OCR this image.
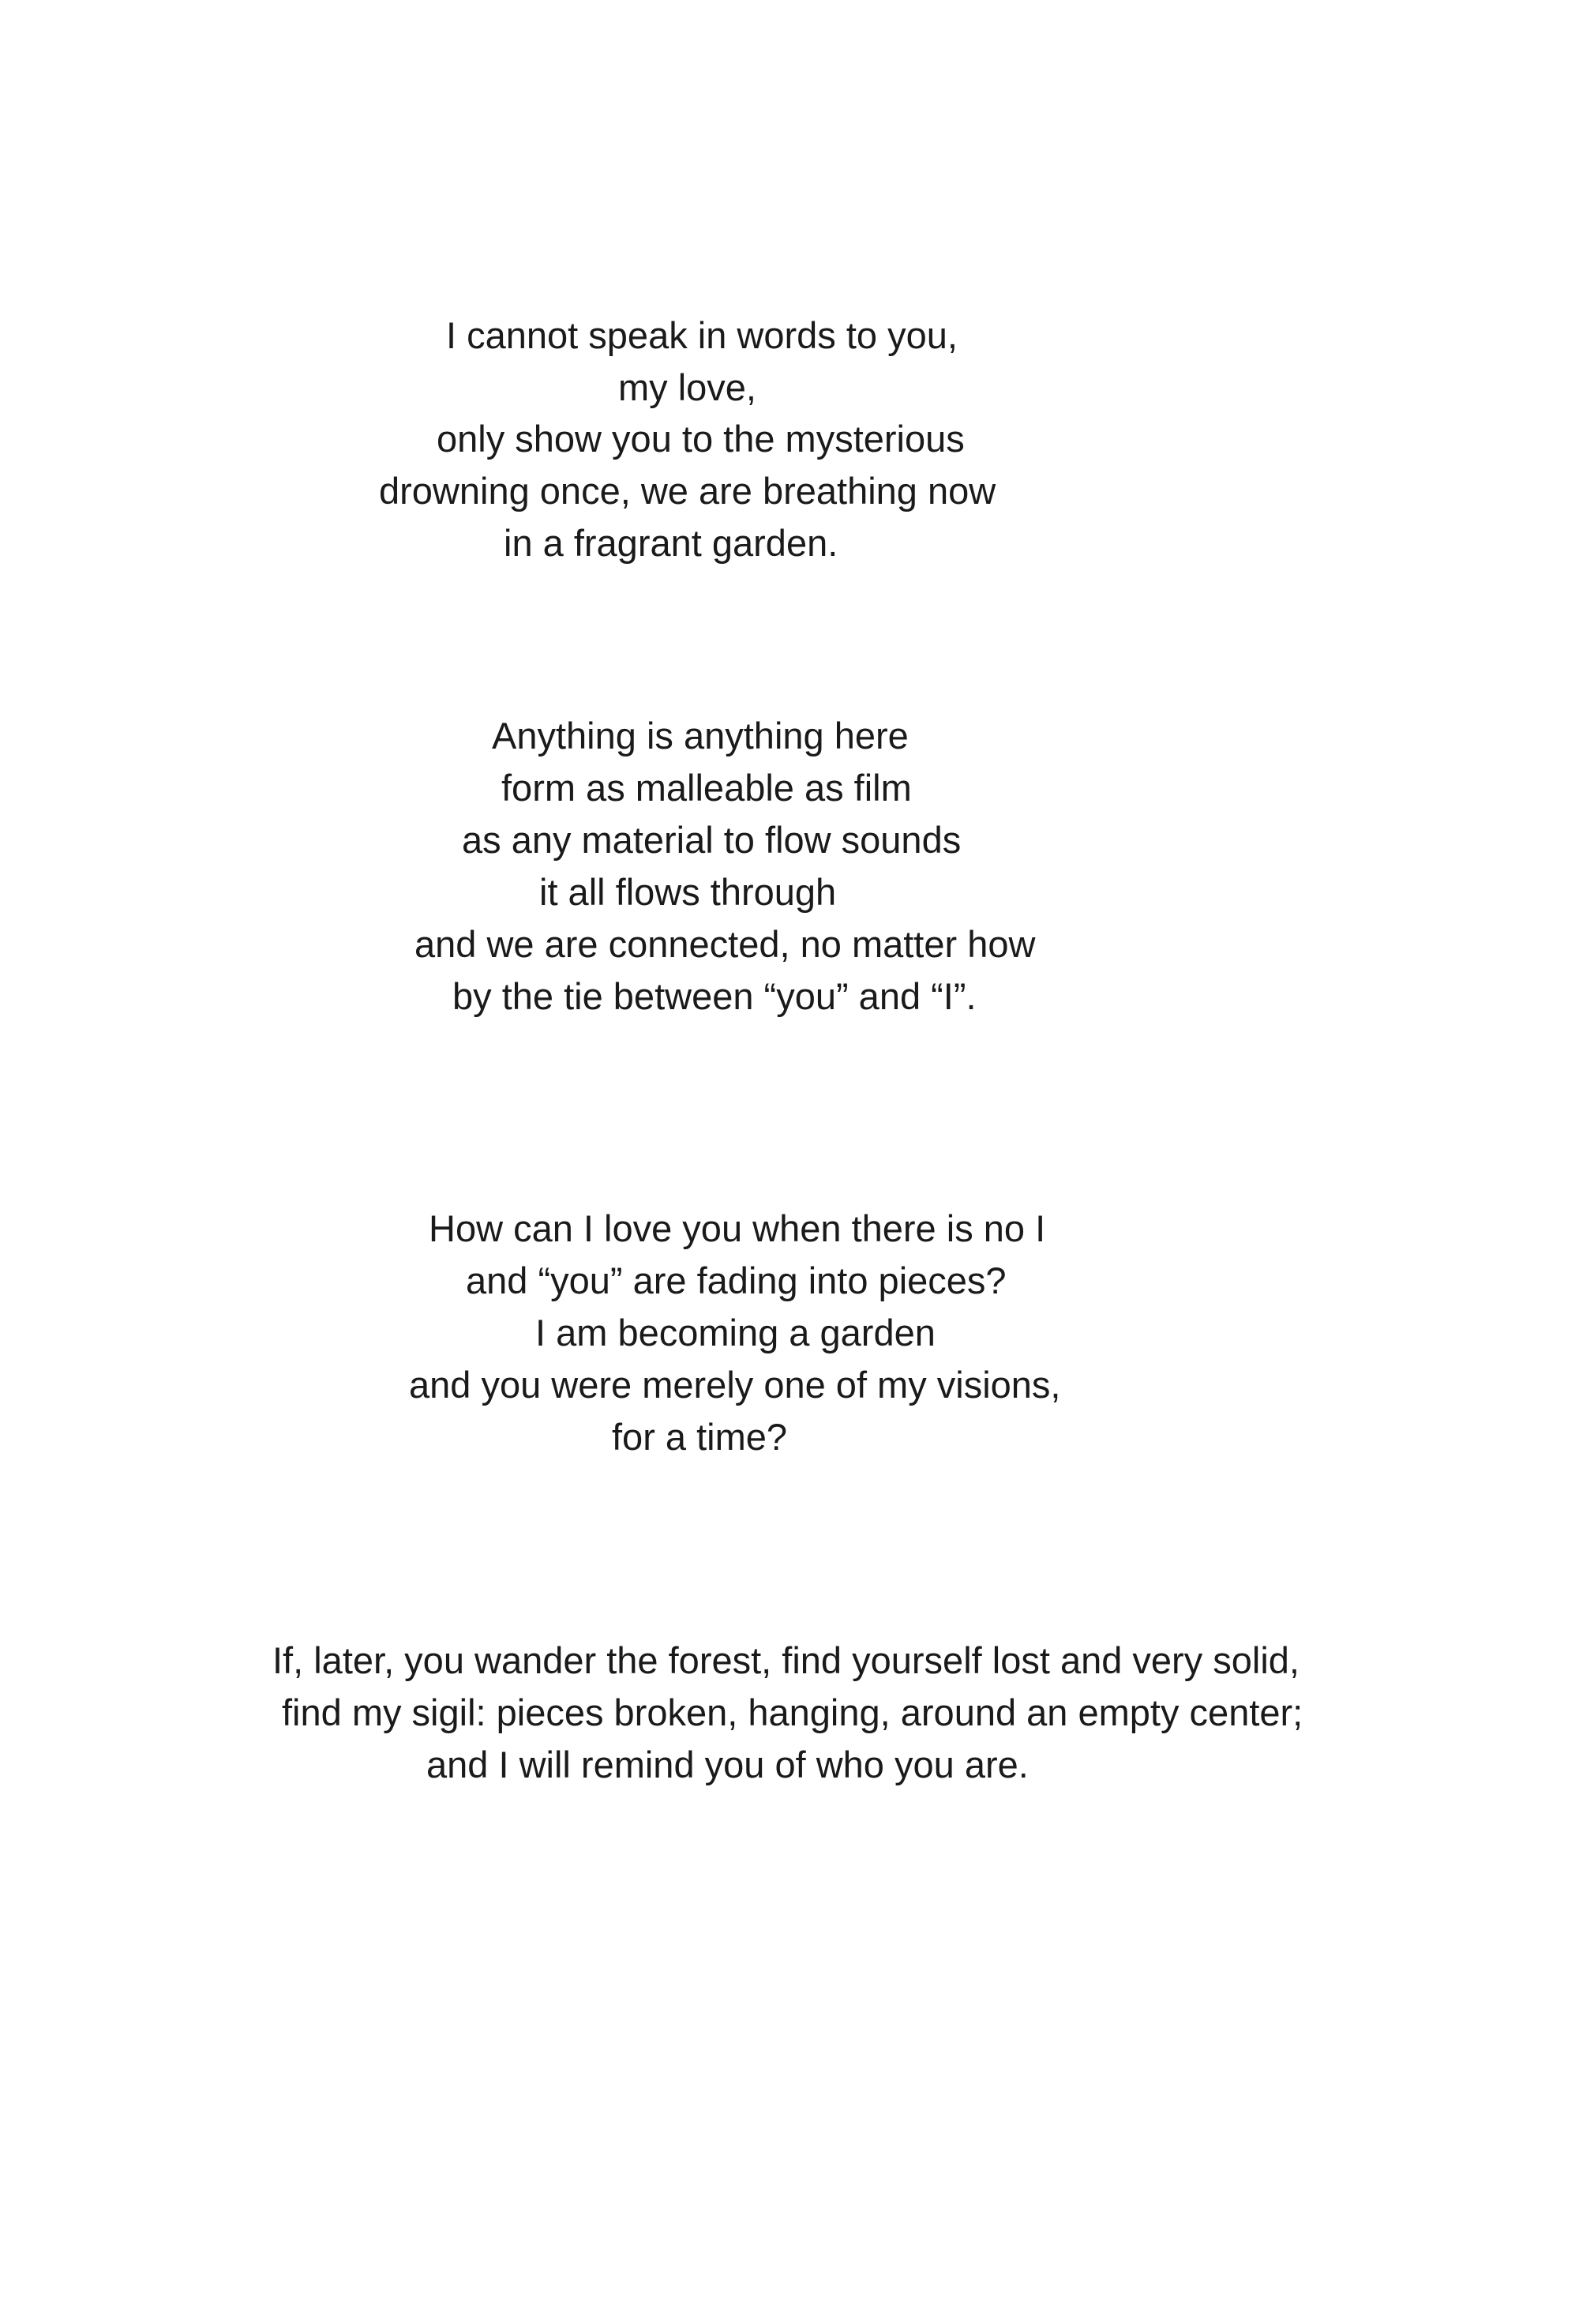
I cannot speak in words to you,

my love,

only show you to the mysterious

drowning once, we are breathing now

in a fragrant garden.

Anything is anything here

form as malleable as film

as any material to flow sounds

it all flows through

and we are connected, no matter how

by the tie between “you” and “I”.

How can I love you when there is no I

and “you” are fading into pieces?

I am becoming a garden

and you were merely one of my visions,

for a time?

If, later, you wander the forest, find yourself lost and very solid,

find my sigil: pieces broken, hanging, around an empty center;

and I will remind you of who you are.
